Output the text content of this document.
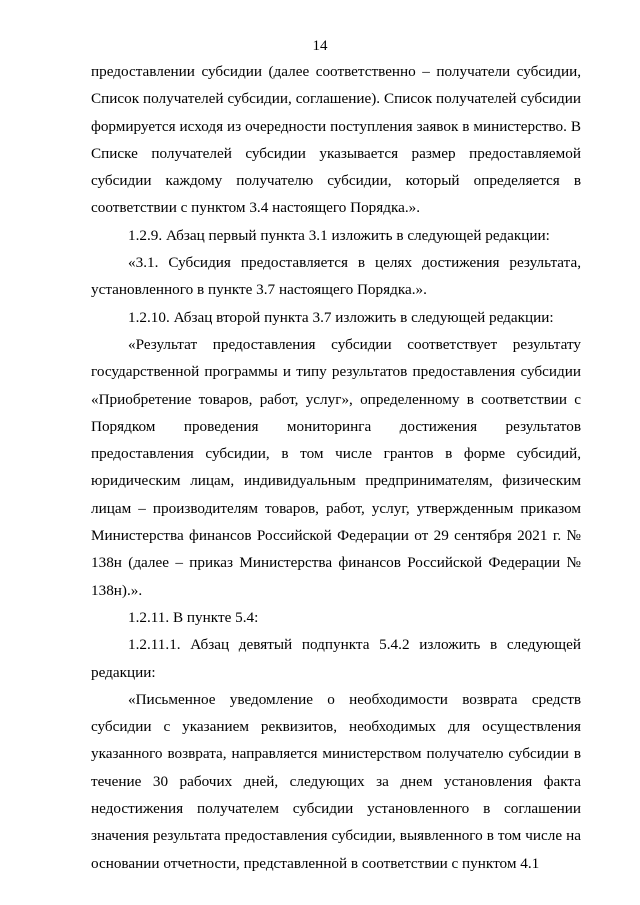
14

предоставлении субсидии (далее соответственно – получатели субсидии, Список получателей субсидии, соглашение). Список получателей субсидии формируется исходя из очередности поступления заявок в министерство. В Списке получателей субсидии указывается размер предоставляемой субсидии каждому получателю субсидии, который определяется в соответствии с пунктом 3.4 настоящего Порядка.».

1.2.9. Абзац первый пункта 3.1 изложить в следующей редакции:

«3.1. Субсидия предоставляется в целях достижения результата, установленного в пункте 3.7 настоящего Порядка.».

1.2.10. Абзац второй пункта 3.7 изложить в следующей редакции:

«Результат предоставления субсидии соответствует результату государственной программы и типу результатов предоставления субсидии «Приобретение товаров, работ, услуг», определенному в соответствии с Порядком проведения мониторинга достижения результатов предоставления субсидии, в том числе грантов в форме субсидий, юридическим лицам, индивидуальным предпринимателям, физическим лицам – производителям товаров, работ, услуг, утвержденным приказом Министерства финансов Российской Федерации от 29 сентября 2021 г. № 138н (далее – приказ Министерства финансов Российской Федерации № 138н).».

1.2.11. В пункте 5.4:

1.2.11.1. Абзац девятый подпункта 5.4.2 изложить в следующей редакции:

«Письменное уведомление о необходимости возврата средств субсидии с указанием реквизитов, необходимых для осуществления указанного возврата, направляется министерством получателю субсидии в течение 30 рабочих дней, следующих за днем установления факта недостижения получателем субсидии установленного в соглашении значения результата предоставления субсидии, выявленного в том числе на основании отчетности, представленной в соответствии с пунктом 4.1
